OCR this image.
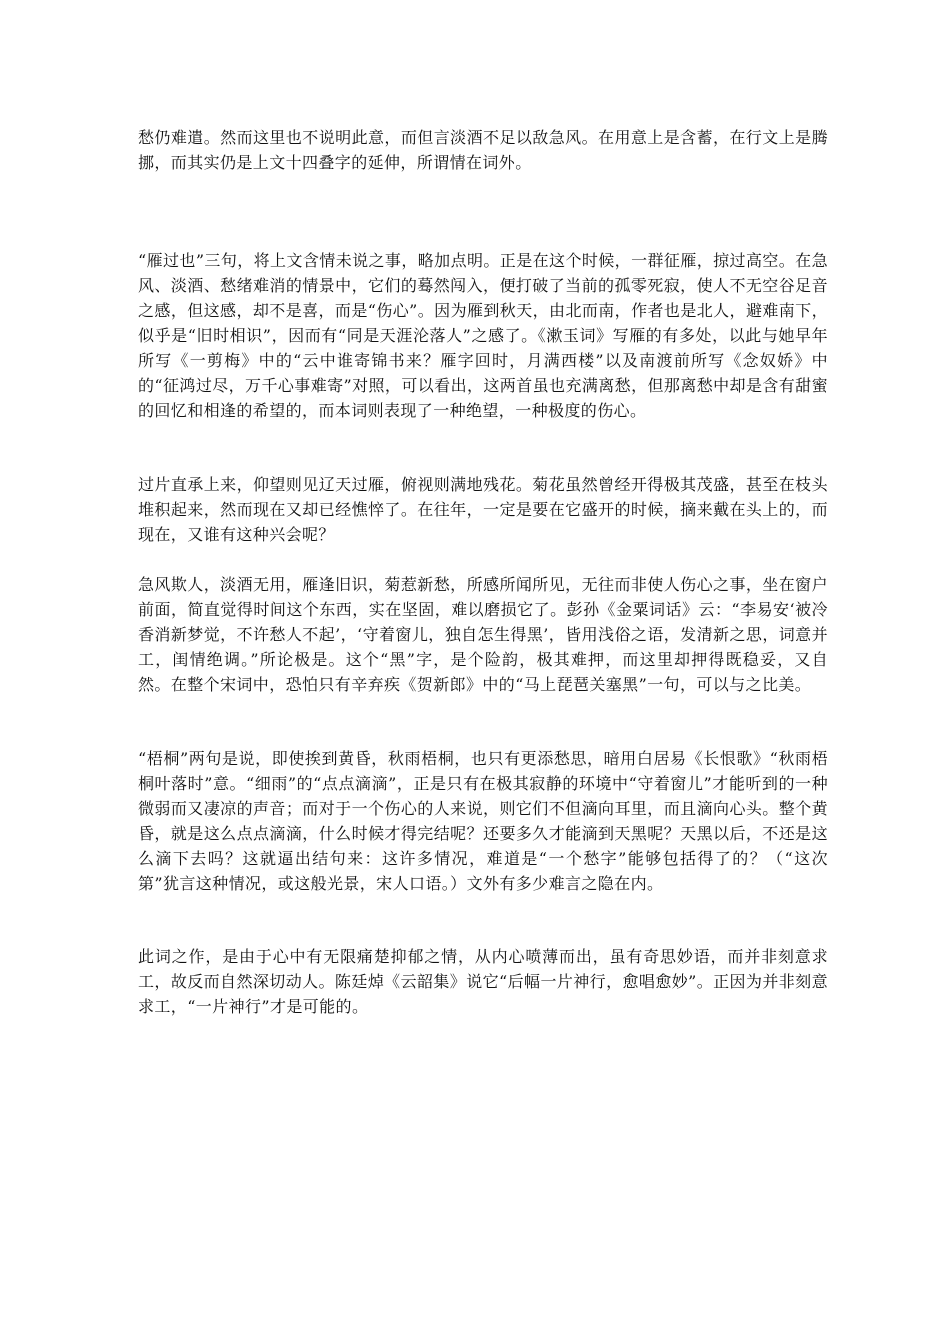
愁仍难遣。然而这里也不说明此意，而但言淡酒不足以敌急风。在用意上是含蓄，在行文上是腾挪，而其实仍是上文十四叠字的延伸，所谓情在词外。

“雁过也”三句，将上文含情未说之事，略加点明。正是在这个时候，一群征雁，掠过高空。在急风、淡酒、愁绪难消的情景中，它们的蓦然闯入，便打破了当前的孤零死寂，使人不无空谷足音之感，但这感，却不是喜，而是“伤心”。因为雁到秋天，由北而南，作者也是北人，避难南下，似乎是“旧时相识”，因而有“同是天涯沦落人”之感了。《漱玉词》写雁的有多处，以此与她早年所写《一剪梅》中的“云中谁寄锦书来？雁字回时，月满西楼”以及南渡前所写《念奴娇》中的“征鸿过尽，万千心事难寄”对照，可以看出，这两首虽也充满离愁，但那离愁中却是含有甜蜜的回忆和相逢的希望的，而本词则表现了一种绝望，一种极度的伤心。

过片直承上来，仰望则见辽天过雁，俯视则满地残花。菊花虽然曾经开得极其茂盛，甚至在枝头堆积起来，然而现在又却已经憔悴了。在往年，一定是要在它盛开的时候，摘来戴在头上的，而现在，又谁有这种兴会呢？

急风欺人，淡酒无用，雁逢旧识，菊惹新愁，所感所闻所见，无往而非使人伤心之事，坐在窗户前面，简直觉得时间这个东西，实在坚固，难以磨损它了。彭孙《金粟词话》云：“李易安‘被冷香消新梦觉，不许愁人不起’，‘守着窗儿，独自怎生得黑’，皆用浅俗之语，发清新之思，词意并工，闺情绝调。”所论极是。这个“黑”字，是个险韵，极其难押，而这里却押得既稳妥，又自然。在整个宋词中，恐怕只有辛弃疾《贺新郎》中的“马上琵琶关塞黑”一句，可以与之比美。

“梧桐”两句是说，即使挨到黄昏，秋雨梧桐，也只有更添愁思，暗用白居易《长恨歌》“秋雨梧桐叶落时”意。“细雨”的“点点滴滴”，正是只有在极其寂静的环境中“守着窗儿”才能听到的一种微弱而又凄凉的声音；而对于一个伤心的人来说，则它们不但滴向耳里，而且滴向心头。整个黄昏，就是这么点点滴滴，什么时候才得完结呢？还要多久才能滴到天黑呢？天黑以后，不还是这么滴下去吗？这就逼出结句来：这许多情况，难道是“一个愁字”能够包括得了的？（“这次第”犹言这种情况，或这般光景，宋人口语。）文外有多少难言之隐在内。

此词之作，是由于心中有无限痛楚抑郁之情，从内心喷薄而出，虽有奇思妙语，而并非刻意求工，故反而自然深切动人。陈廷焯《云韶集》说它“后幅一片神行，愈唱愈妙”。正因为并非刻意求工，“一片神行”才是可能的。
